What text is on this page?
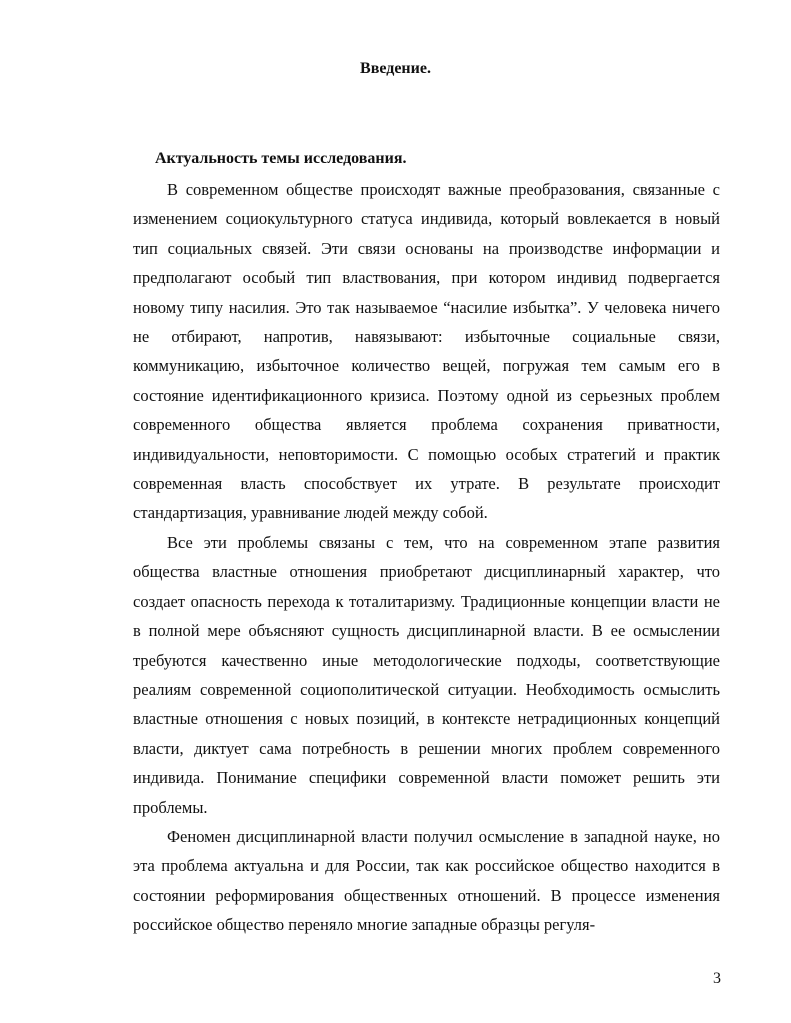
Введение.
Актуальность темы исследования.

В современном обществе происходят важные преобразования, связанные с изменением социокультурного статуса индивида, который вовлекается в новый тип социальных связей. Эти связи основаны на производстве информации и предполагают особый тип властвования, при котором индивид подвергается новому типу насилия. Это так называемое “насилие избытка”. У человека ничего не отбирают, напротив, навязывают: избыточные социальные связи, коммуникацию, избыточное количество вещей, погружая тем самым его в состояние идентификационного кризиса. Поэтому одной из серьезных проблем современного общества является проблема сохранения приватности, индивидуальности, неповторимости. С помощью особых стратегий и практик современная власть способствует их утрате. В результате происходит стандартизация, уравнивание людей между собой.

Все эти проблемы связаны с тем, что на современном этапе развития общества властные отношения приобретают дисциплинарный характер, что создает опасность перехода к тоталитаризму. Традиционные концепции власти не в полной мере объясняют сущность дисциплинарной власти. В ее осмыслении требуются качественно иные методологические подходы, соответствующие реалиям современной социополитической ситуации. Необходимость осмыслить властные отношения с новых позиций, в контексте нетрадиционных концепций власти, диктует сама потребность в решении многих проблем современного индивида. Понимание специфики современной власти поможет решить эти проблемы.

Феномен дисциплинарной власти получил осмысление в западной науке, но эта проблема актуальна и для России, так как российское общество находится в состоянии реформирования общественных отношений. В процессе изменения российское общество переняло многие западные образцы регуля-

3
